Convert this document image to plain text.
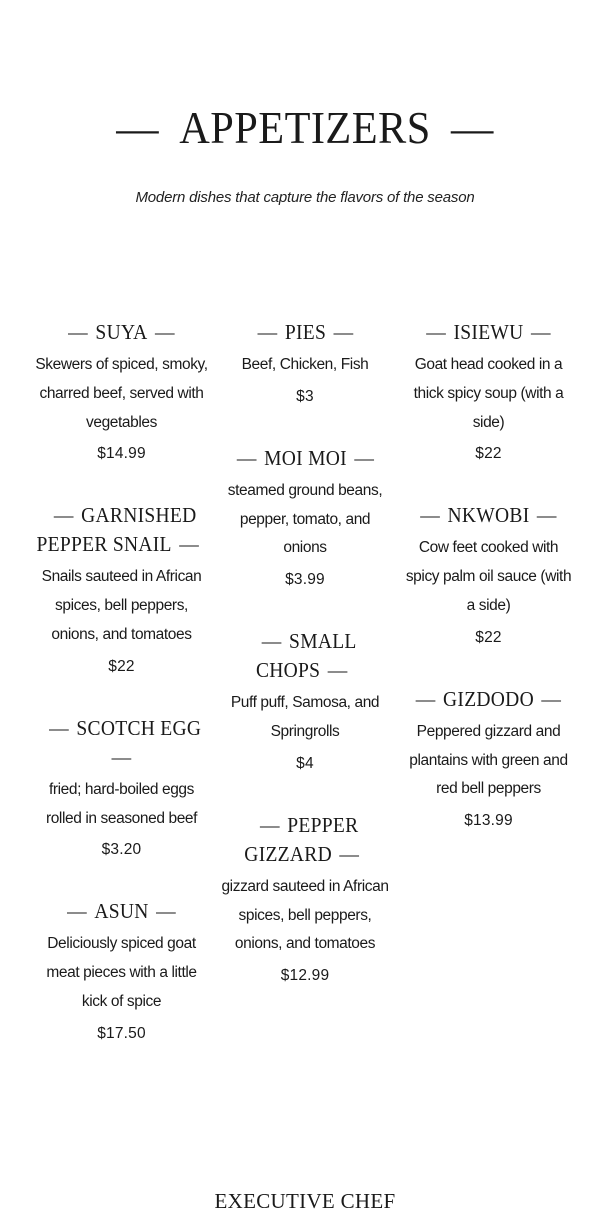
— APPETIZERS —
Modern dishes that capture the flavors of the season
— SUYA —
Skewers of spiced, smoky, charred beef, served with vegetables
$14.99
— GARNISHED PEPPER SNAIL —
Snails sauteed in African spices, bell peppers, onions, and tomatoes
$22
— SCOTCH EGG—
fried; hard-boiled eggs rolled in seasoned beef
$3.20
— ASUN —
Deliciously spiced goat meat pieces with a little kick of spice
$17.50
— PIES —
Beef, Chicken, Fish
$3
— MOI MOI —
steamed ground beans, pepper, tomato, and onions
$3.99
— SMALL CHOPS —
Puff puff, Samosa, and Springrolls
$4
— PEPPER GIZZARD —
gizzard sauteed in African spices, bell peppers, onions, and tomatoes
$12.99
— ISIEWU —
Goat head cooked in a thick spicy soup (with a side)
$22
— NKWOBI —
Cow feet cooked with spicy palm oil sauce (with a side)
$22
— GIZDODO —
Peppered gizzard and plantains with green and red bell peppers
$13.99
EXECUTIVE CHEF
